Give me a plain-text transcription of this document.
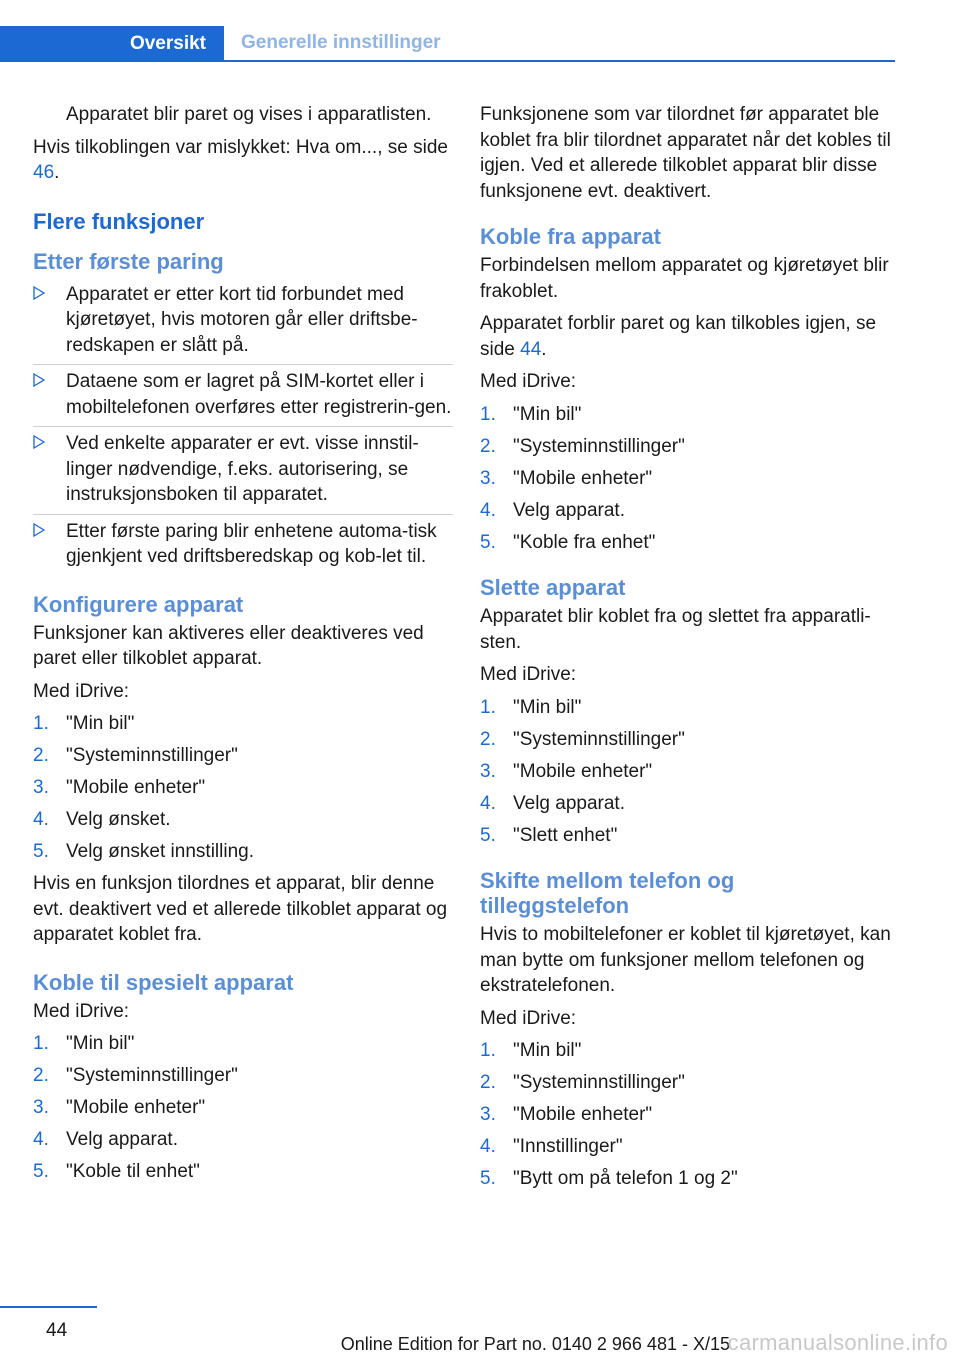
Oversikt Generelle innstillinger

Apparatet blir paret og vises i apparatlisten.

Hvis tilkoblingen var mislykket: Hva om..., se side 46.

Flere funksjoner
Etter første paring
Apparatet er etter kort tid forbundet med kjøretøyet, hvis motoren går eller driftsbe‐redskapen er slått på.
Dataene som er lagret på SIM-kortet eller i mobiltelefonen overføres etter registrerin‐gen.
Ved enkelte apparater er evt. visse innstil‐linger nødvendige, f.eks. autorisering, se instruksjonsboken til apparatet.
Etter første paring blir enhetene automa‐tisk gjenkjent ved driftsberedskap og kob‐let til.
Konfigurere apparat

Funksjoner kan aktiveres eller deaktiveres ved paret eller tilkoblet apparat.

Med iDrive:

1. "Min bil"
2. "Systeminnstillinger"
3. "Mobile enheter"
4. Velg ønsket.
5. Velg ønsket innstilling.

Hvis en funksjon tilordnes et apparat, blir denne evt. deaktivert ved et allerede tilkoblet apparat og apparatet koblet fra.

Koble til spesielt apparat

Med iDrive:

1. "Min bil"
2. "Systeminnstillinger"
3. "Mobile enheter"
4. Velg apparat.
5. "Koble til enhet"

Funksjonene som var tilordnet før apparatet ble koblet fra blir tilordnet apparatet når det kobles til igjen. Ved et allerede tilkoblet apparat blir disse funksjonene evt. deaktivert.

Koble fra apparat

Forbindelsen mellom apparatet og kjøretøyet blir frakoblet.

Apparatet forblir paret og kan tilkobles igjen, se side 44.

Med iDrive:

1. "Min bil"
2. "Systeminnstillinger"
3. "Mobile enheter"
4. Velg apparat.
5. "Koble fra enhet"
Slette apparat

Apparatet blir koblet fra og slettet fra apparatli‐sten.

Med iDrive:

1. "Min bil"
2. "Systeminnstillinger"
3. "Mobile enheter"
4. Velg apparat.
5. "Slett enhet"
Skifte mellom telefon og tilleggstelefon

Hvis to mobiltelefoner er koblet til kjøretøyet, kan man bytte om funksjoner mellom telefonen og ekstratelefonen.

Med iDrive:

1. "Min bil"
2. "Systeminnstillinger"
3. "Mobile enheter"
4. "Innstillinger"
5. "Bytt om på telefon 1 og 2"
44
Online Edition for Part no. 0140 2 966 481 - X/15
carmanualsonline.info
